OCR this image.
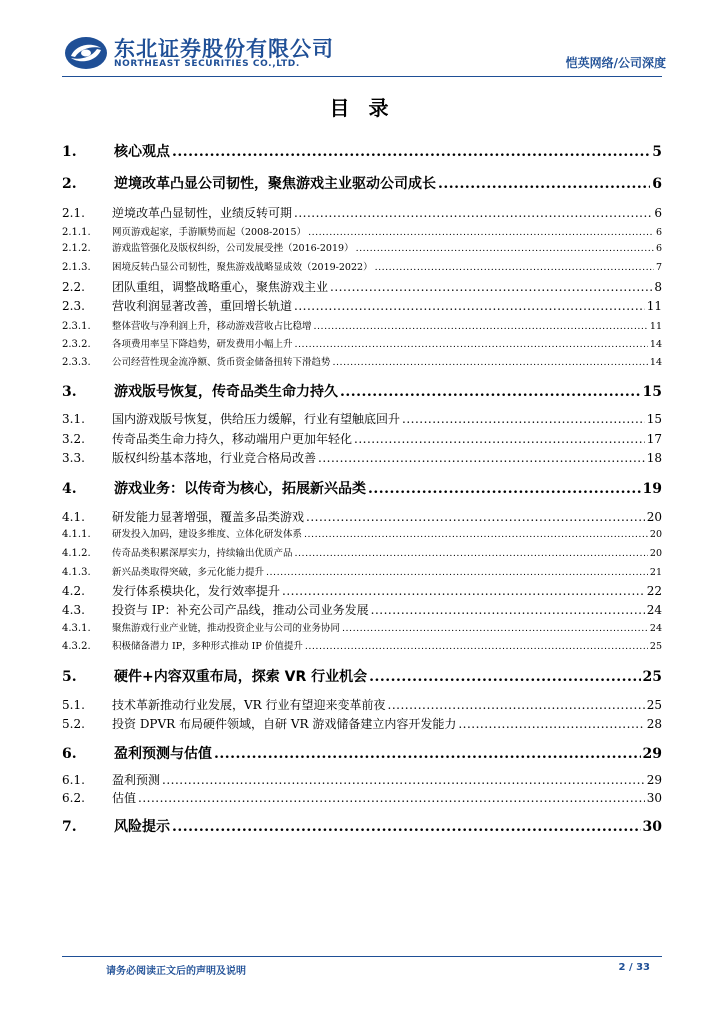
东北证券股份有限公司
NORTHEAST SECURITIES CO.,LTD.	恺英网络/公司深度
目 录
1.	核心观点 .....	5
2.	逆境改革凸显公司韧性，聚焦游戏主业驱动公司成长 .....	6
2.1.	逆境改革凸显韧性，业绩反转可期 .....	6
2.1.1.	网页游戏起家，手游顺势而起（2008-2015） .....	6
2.1.2.	游戏监管强化及版权纠纷，公司发展受挫（2016-2019） .....	6
2.1.3.	困境反转凸显公司韧性，聚焦游戏战略显成效（2019-2022） .....	7
2.2.	团队重组，调整战略重心，聚焦游戏主业 .....	8
2.3.	营收利润显著改善，重回增长轨道 .....	11
2.3.1.	整体营收与净利润上升，移动游戏营收占比稳增 .....	11
2.3.2.	各项费用率呈下降趋势，研发费用小幅上升 .....	14
2.3.3.	公司经营性现金流净额、货币资金储备扭转下滑趋势 .....	14
3.	游戏版号恢复，传奇品类生命力持久 .....	15
3.1.	国内游戏版号恢复，供给压力缓解，行业有望触底回升 .....	15
3.2.	传奇品类生命力持久，移动端用户更加年轻化 .....	17
3.3.	版权纠纷基本落地，行业竞合格局改善 .....	18
4.	游戏业务：以传奇为核心，拓展新兴品类 .....	19
4.1.	研发能力显著增强，覆盖多品类游戏 .....	20
4.1.1.	研发投入加码，建设多维度、立体化研发体系 .....	20
4.1.2.	传奇品类积累深厚实力，持续输出优质产品 .....	20
4.1.3.	新兴品类取得突破，多元化能力提升 .....	21
4.2.	发行体系模块化，发行效率提升 .....	22
4.3.	投资与 IP：补充公司产品线，推动公司业务发展 .....	24
4.3.1.	聚焦游戏行业产业链，推动投资企业与公司的业务协同 .....	24
4.3.2.	积极储备潜力 IP，多种形式推动 IP 价值提升 .....	25
5.	硬件+内容双重布局，探索 VR 行业机会 .....	25
5.1.	技术革新推动行业发展，VR 行业有望迎来变革前夜 .....	25
5.2.	投资 DPVR 布局硬件领域，自研 VR 游戏储备建立内容开发能力 .....	28
6.	盈利预测与估值 .....	29
6.1.	盈利预测 .....	29
6.2.	估值 .....	30
7.	风险提示 .....	30
请务必阅读正文后的声明及说明	2 / 33
